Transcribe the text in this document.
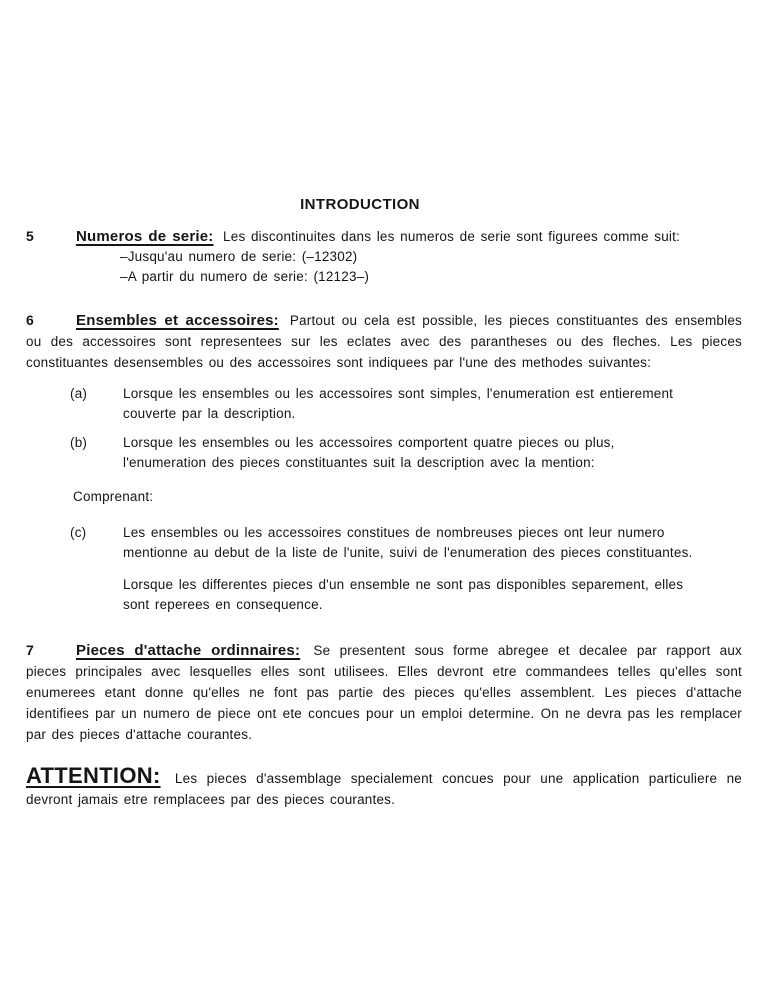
INTRODUCTION

5	Numeros de serie: Les discontinuites dans les numeros de serie sont figurees comme suit:

–Jusqu'au numero de serie: (–12302)
–A partir du numero de serie: (12123–)

6	Ensembles et accessoires: Partout ou cela est possible, les pieces constituantes des ensembles ou des accessoires sont representees sur les eclates avec des parantheses ou des fleches. Les pieces constituantes desensembles ou des accessoires sont indiquees par l'une des methodes suivantes:

(a)	Lorsque les ensembles ou les accessoires sont simples, l'enumeration est entierement couverte par la description.
(b)	Lorsque les ensembles ou les accessoires comportent quatre pieces ou plus, l'enumeration des pieces constituantes suit la description avec la mention:
Comprenant:
(c)	Les ensembles ou les accessoires constitues de nombreuses pieces ont leur numero mentionne au debut de la liste de l'unite, suivi de l'enumeration des pieces constituantes.
Lorsque les differentes pieces d'un ensemble ne sont pas disponibles separement, elles sont reperees en consequence.

7	Pieces d'attache ordinnaires: Se presentent sous forme abregee et decalee par rapport aux pieces principales avec lesquelles elles sont utilisees. Elles devront etre commandees telles qu'elles sont enumerees etant donne qu'elles ne font pas partie des pieces qu'elles assemblent. Les pieces d'attache identifiees par un numero de piece ont ete concues pour un emploi determine. On ne devra pas les remplacer par des pieces d'attache courantes.

ATTENTION: Les pieces d'assemblage specialement concues pour une application particuliere ne devront jamais etre remplacees par des pieces courantes.
